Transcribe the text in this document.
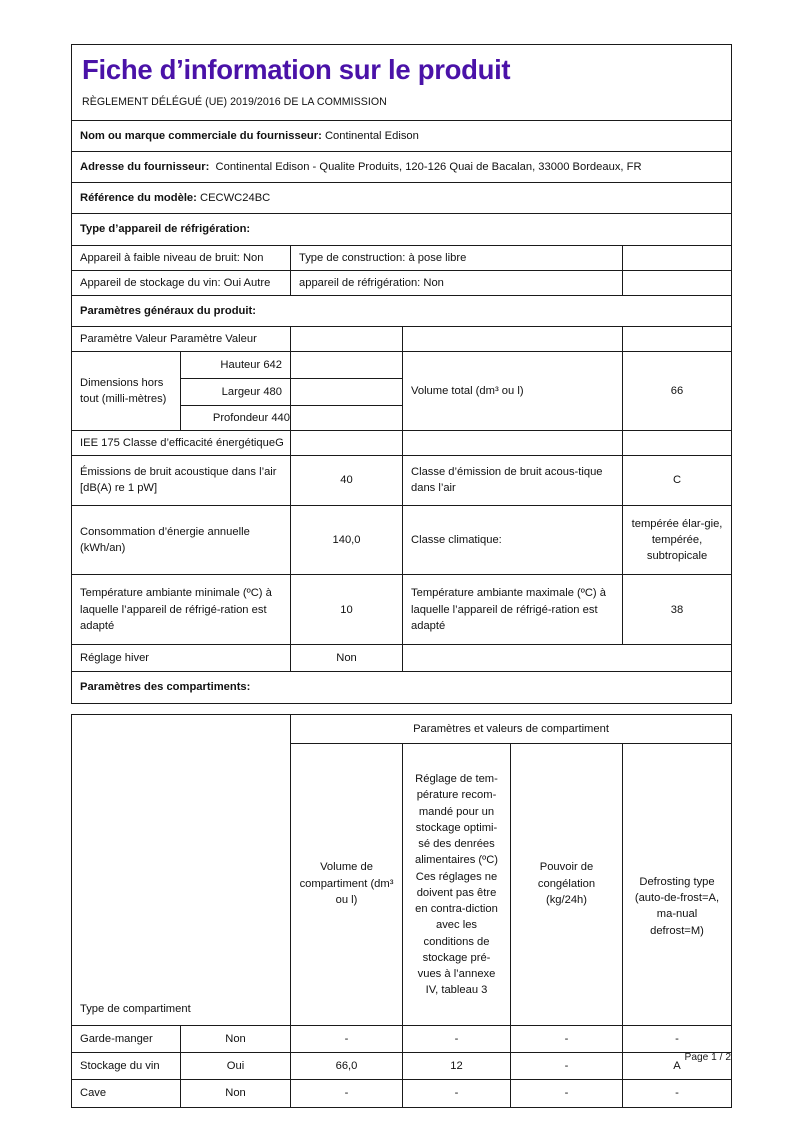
Fiche d’information sur le produit
RÈGLEMENT DÉLÉGUÉ (UE) 2019/2016 DE LA COMMISSION				

Nom ou marque commerciale du fournisseur: Continental Edison				
Adresse du fournisseur: Continental Edison - Qualite Produits, 120-126 Quai de Bacalan, 33000 Bordeaux, FR				
Référence du modèle: CECWC24BC				
Type d’appareil de réfrigération:				

Appareil à faible niveau de bruit: Non		Type de construction: à pose libre		

Appareil de stockage du vin: Oui Autre		appareil de réfrigération: Non		

Paramètres généraux du produit:				

Paramètre Valeur Paramètre Valeur				

Dimensions hors tout (milli-mètres)	Hauteur 642		Volume total (dm³ ou l)	66
	Largeur 480			

	Profondeur 440			

IEE 175 Classe d’efficacité énergétiqueG				

Émissions de bruit acoustique dans l’air [dB(A) re 1 pW]		40	Classe d’émission de bruit acous-tique dans l’air	C
Consommation d’énergie annuelle (kWh/an)		140,0	Classe climatique:	tempérée élar-gie, tempérée, subtropicale
Température ambiante minimale (ºC) à laquelle l’appareil de réfrigé-ration est adapté		10	Température ambiante maximale (ºC) à laquelle l’appareil de réfrigé-ration est adapté	38
Réglage hiver		Non		
Paramètres des compartiments:				
Type de compartiment		Paramètres et valeurs de compartiment			
		Volume de compartiment (dm³ ou l)	Réglage de tem-pérature recom-mandé pour un stockage optimi-sé des denrées alimentaires (ºC) Ces réglages ne doivent pas être en contra-diction avec les conditions de stockage pré-vues à l’annexe IV, tableau 3	Pouvoir de congélation (kg/24h)	Defrosting type (auto-de-frost=A, ma-nual defrost=M)
Garde-manger	Non	-	-	-	-
Stockage du vin	Oui	66,0	12	-	A
Cave	Non	-	-	-	-
Page 1 / 2
